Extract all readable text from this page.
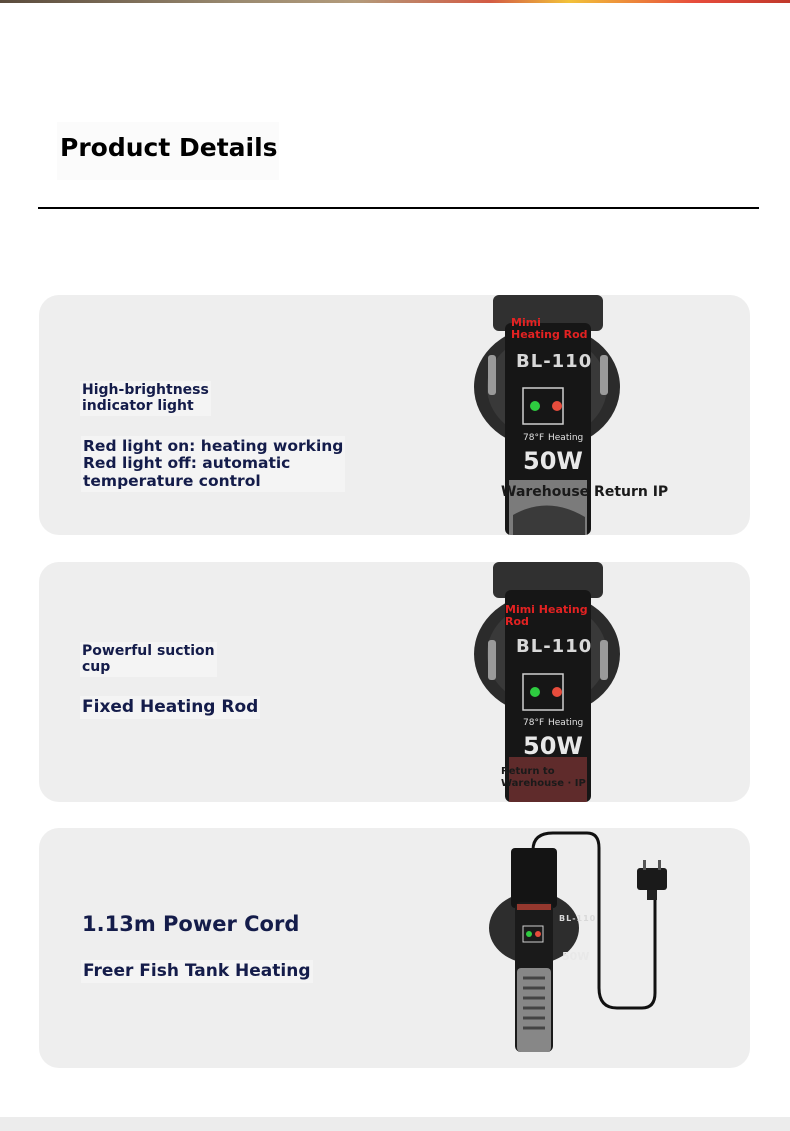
Product Details
High-brightness
indicator light
Red light on: heating working
Red light off: automatic
temperature control
Mimi
Heating Rod
BL-110
78°F Heating
50W
Warehouse Return IP
Powerful suction
cup
Fixed Heating Rod
Mimi Heating
Rod
BL-110
78°F Heating
50W
Return to
Warehouse · IP
1.13m Power Cord
Freer Fish Tank Heating
BL-110
50W
